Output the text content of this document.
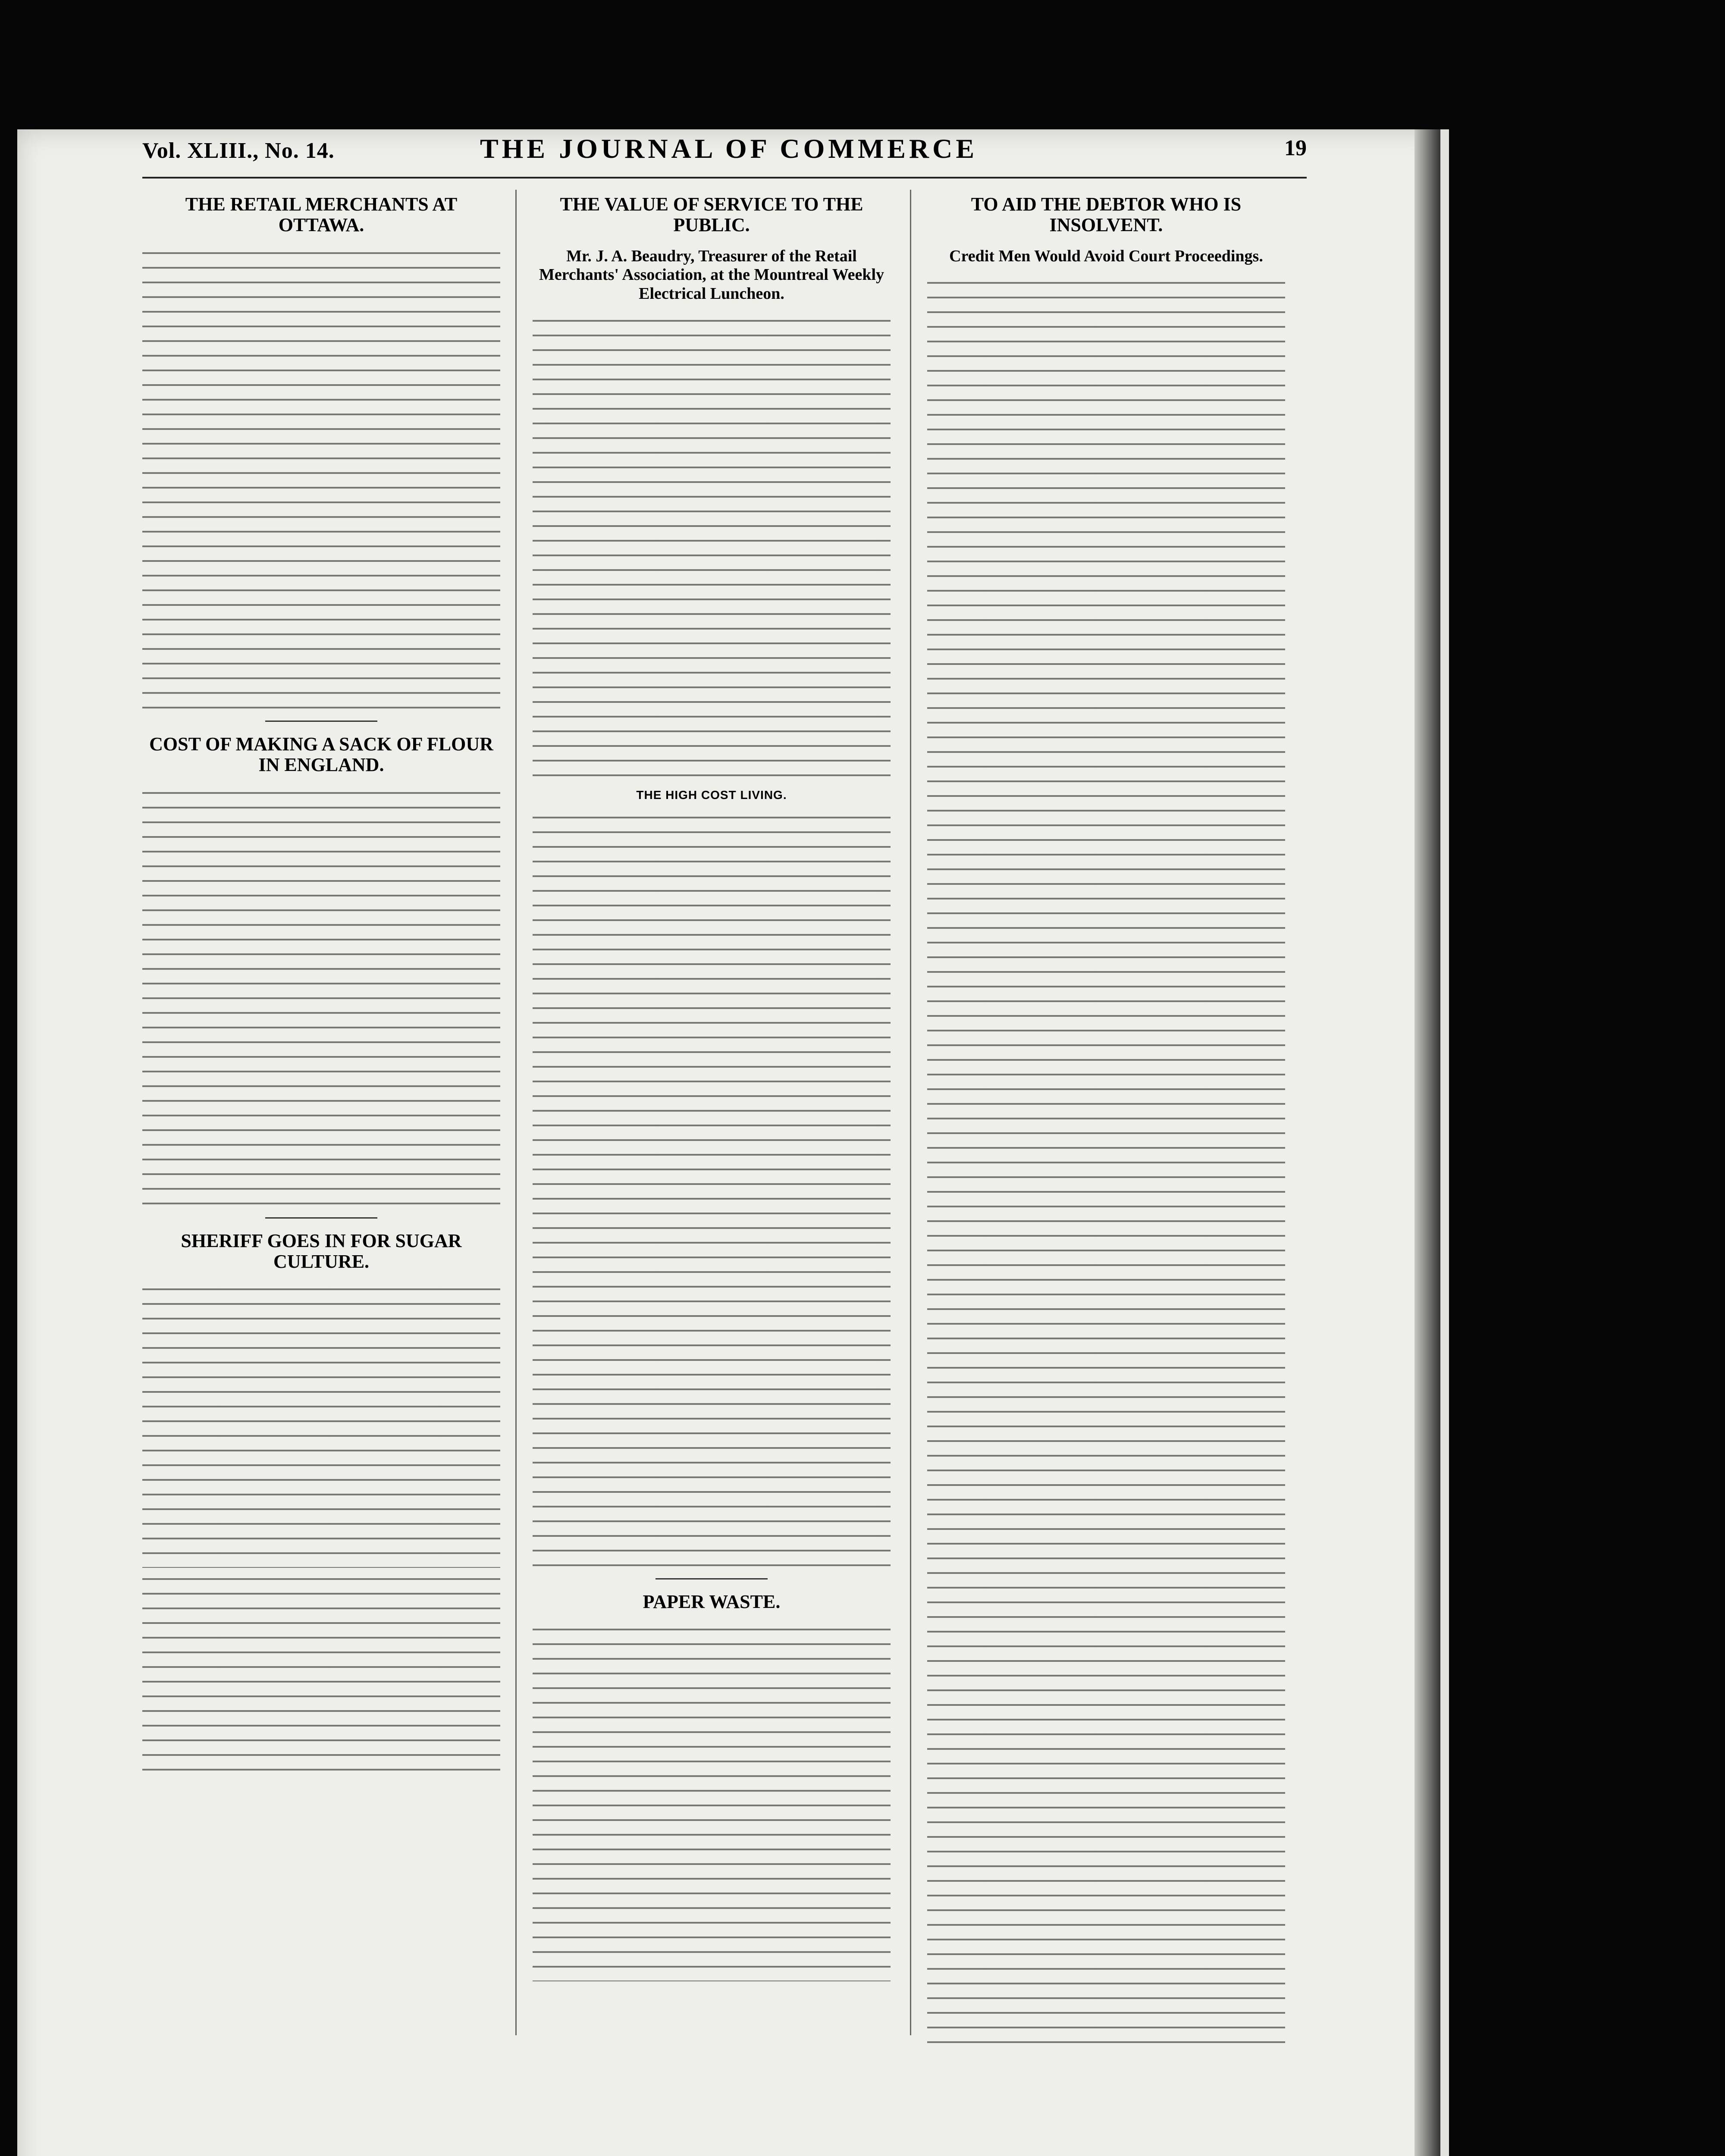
Vol. XLIII., No. 14.	THE JOURNAL OF COMMERCE	19
THE RETAIL MERCHANTS AT OTTAWA.
COST OF MAKING A SACK OF FLOUR IN ENGLAND.
SHERIFF GOES IN FOR SUGAR CULTURE.
THE VALUE OF SERVICE TO THE PUBLIC.
Mr. J. A. Beaudry, Treasurer of the Retail Merchants' Association, at the Mountreal Weekly Electrical Luncheon.
THE HIGH COST LIVING.
PAPER WASTE.
TO AID THE DEBTOR WHO IS INSOLVENT.
Credit Men Would Avoid Court Proceedings.
